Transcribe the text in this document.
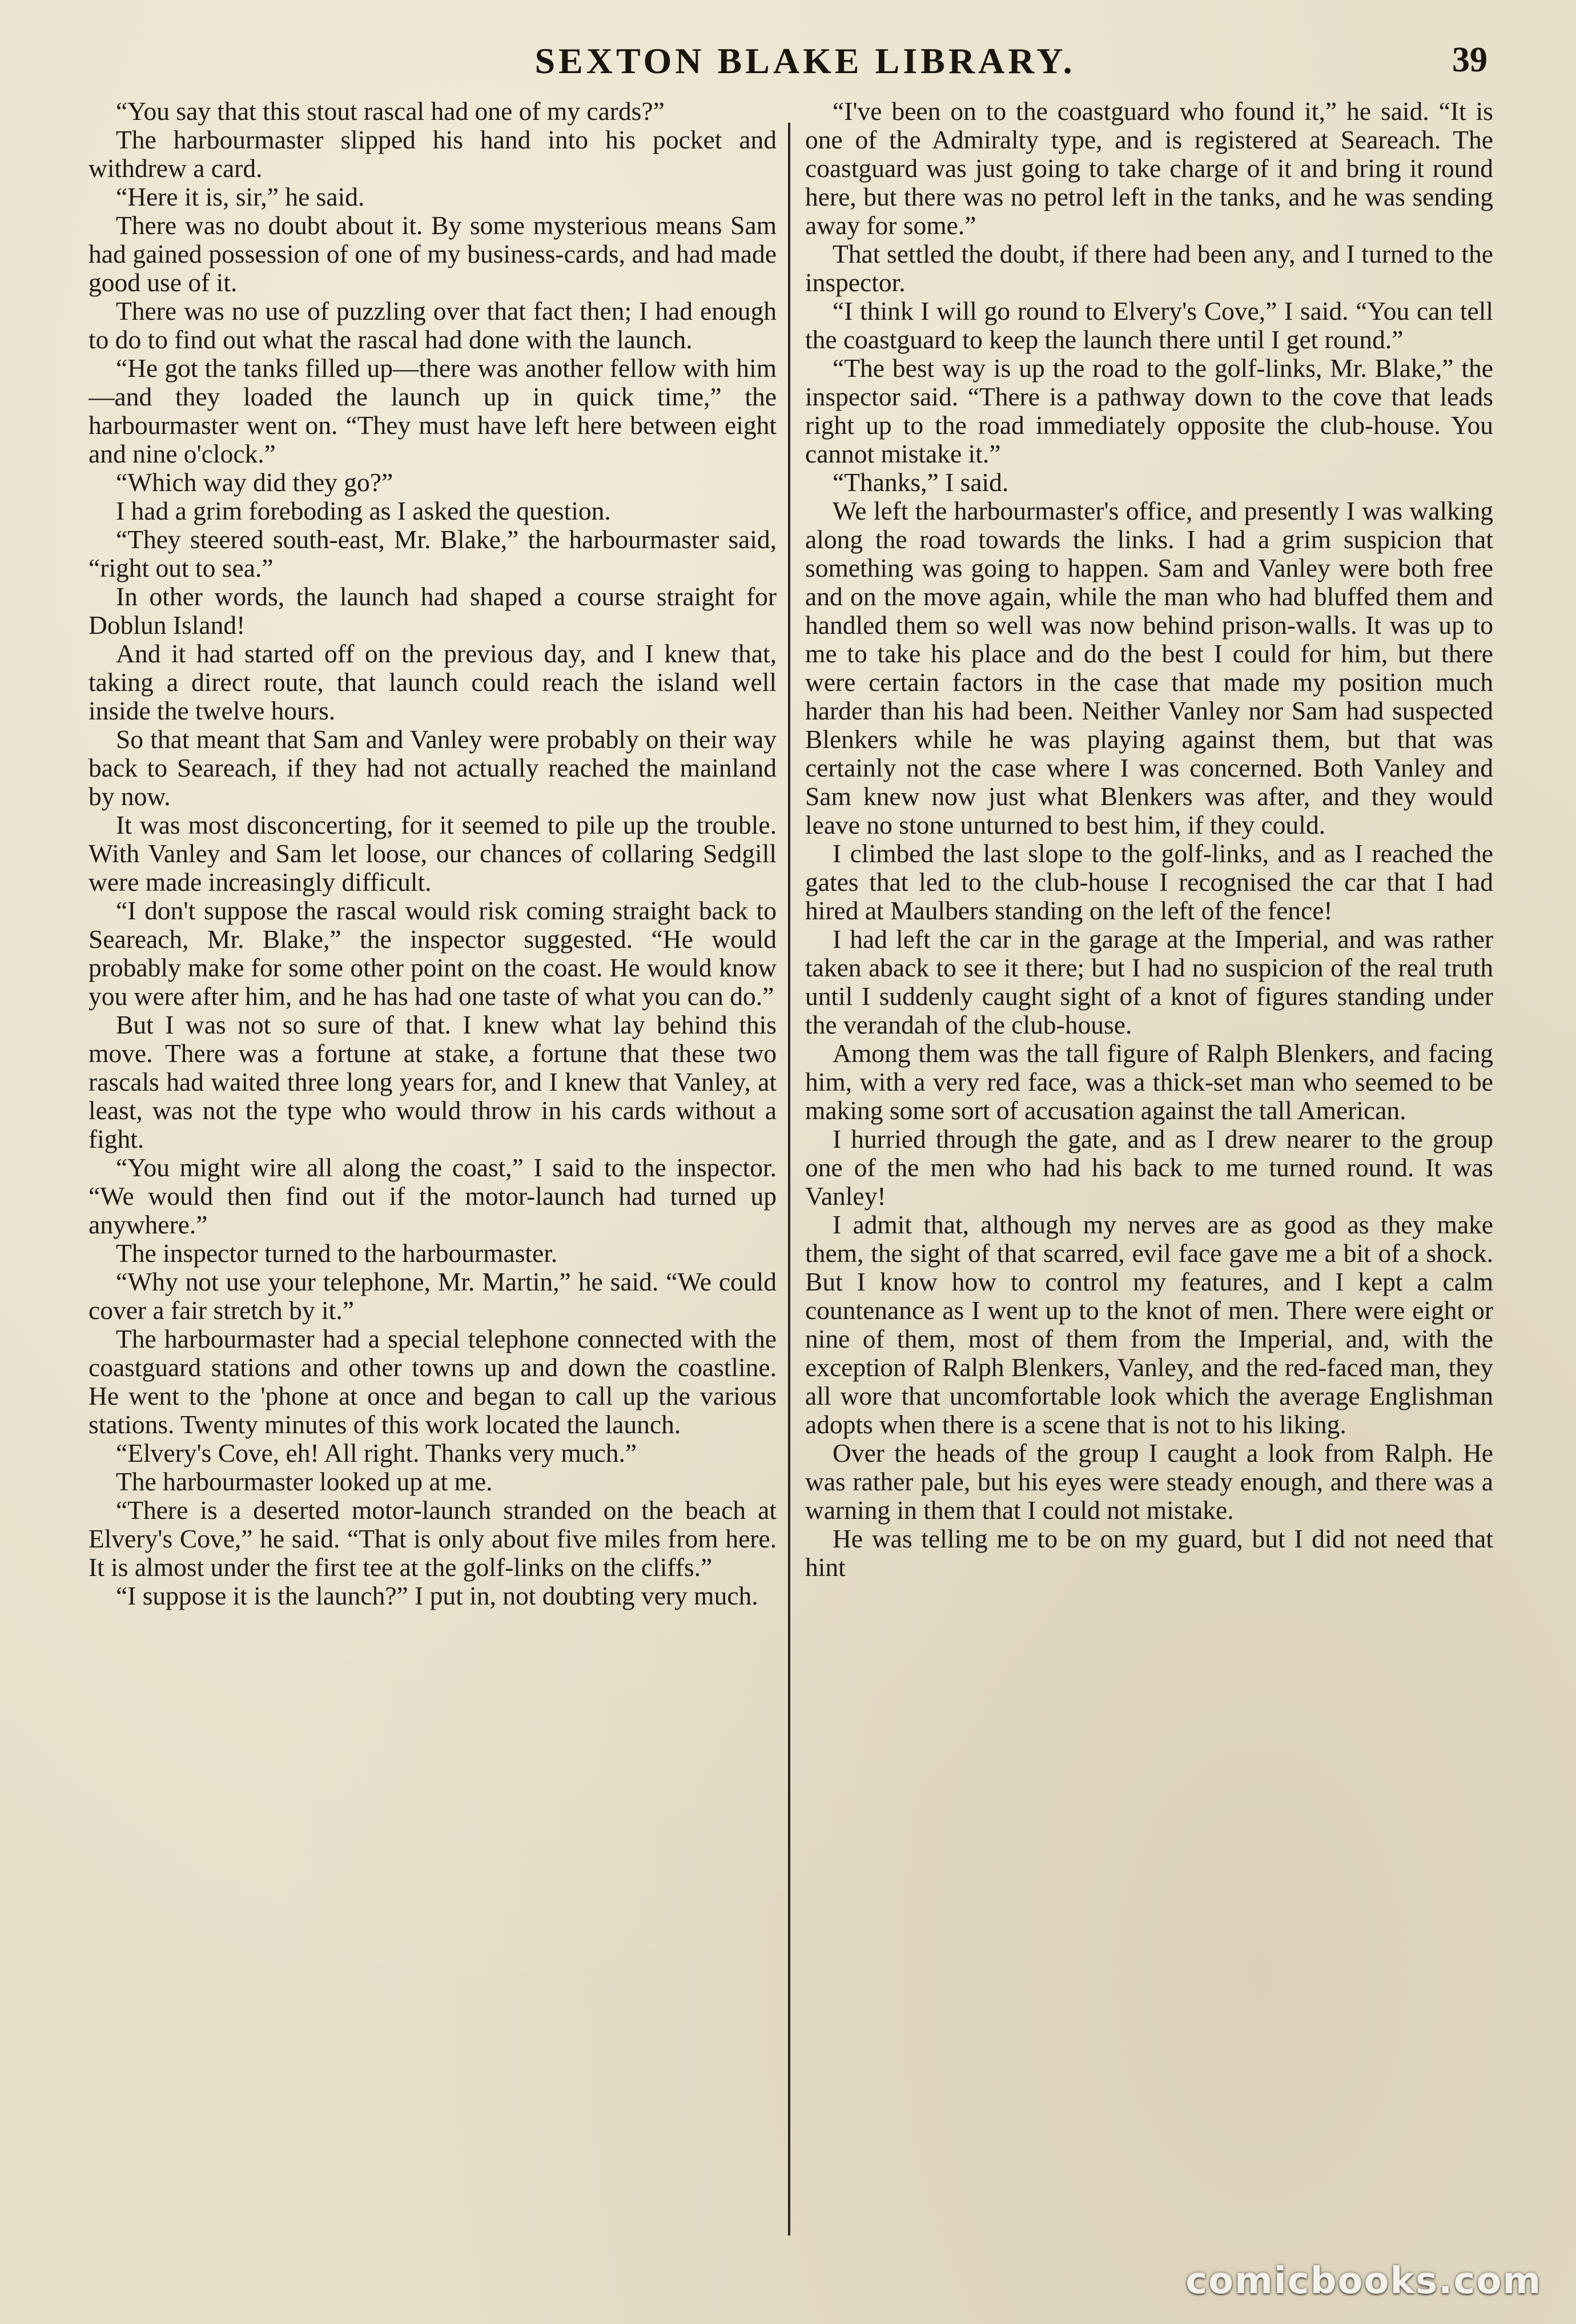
SEXTON BLAKE LIBRARY.	39

“You say that this stout rascal had one of my cards?”

The harbourmaster slipped his hand into his pocket and withdrew a card.

“Here it is, sir,” he said.

There was no doubt about it. By some mysterious means Sam had gained possession of one of my business-cards, and had made good use of it.

There was no use of puzzling over that fact then; I had enough to do to find out what the rascal had done with the launch.

“He got the tanks filled up—there was another fellow with him—and they loaded the launch up in quick time,” the harbourmaster went on. “They must have left here between eight and nine o'clock.”

“Which way did they go?”

I had a grim foreboding as I asked the question.

“They steered south-east, Mr. Blake,” the harbourmaster said, “right out to sea.”

In other words, the launch had shaped a course straight for Doblun Island!

And it had started off on the previous day, and I knew that, taking a direct route, that launch could reach the island well inside the twelve hours.

So that meant that Sam and Vanley were probably on their way back to Seareach, if they had not actually reached the mainland by now.

It was most disconcerting, for it seemed to pile up the trouble. With Vanley and Sam let loose, our chances of collaring Sedgill were made increasingly difficult.

“I don't suppose the rascal would risk coming straight back to Seareach, Mr. Blake,” the inspector suggested. “He would probably make for some other point on the coast. He would know you were after him, and he has had one taste of what you can do.”

But I was not so sure of that. I knew what lay behind this move. There was a fortune at stake, a fortune that these two rascals had waited three long years for, and I knew that Vanley, at least, was not the type who would throw in his cards without a fight.

“You might wire all along the coast,” I said to the inspector. “We would then find out if the motor-launch had turned up anywhere.”

The inspector turned to the harbourmaster.

“Why not use your telephone, Mr. Martin,” he said. “We could cover a fair stretch by it.”

The harbourmaster had a special telephone connected with the coastguard stations and other towns up and down the coastline. He went to the 'phone at once and began to call up the various stations. Twenty minutes of this work located the launch.

“Elvery's Cove, eh! All right. Thanks very much.”

The harbourmaster looked up at me.

“There is a deserted motor-launch stranded on the beach at Elvery's Cove,” he said. “That is only about five miles from here. It is almost under the first tee at the golf-links on the cliffs.”

“I suppose it is the launch?” I put in, not doubting very much.

“I've been on to the coastguard who found it,” he said. “It is one of the Admiralty type, and is registered at Seareach. The coastguard was just going to take charge of it and bring it round here, but there was no petrol left in the tanks, and he was sending away for some.”

That settled the doubt, if there had been any, and I turned to the inspector.

“I think I will go round to Elvery's Cove,” I said. “You can tell the coastguard to keep the launch there until I get round.”

“The best way is up the road to the golf-links, Mr. Blake,” the inspector said. “There is a pathway down to the cove that leads right up to the road immediately opposite the club-house. You cannot mistake it.”

“Thanks,” I said.

We left the harbourmaster's office, and presently I was walking along the road towards the links. I had a grim suspicion that something was going to happen. Sam and Vanley were both free and on the move again, while the man who had bluffed them and handled them so well was now behind prison-walls. It was up to me to take his place and do the best I could for him, but there were certain factors in the case that made my position much harder than his had been. Neither Vanley nor Sam had suspected Blenkers while he was playing against them, but that was certainly not the case where I was concerned. Both Vanley and Sam knew now just what Blenkers was after, and they would leave no stone unturned to best him, if they could.

I climbed the last slope to the golf-links, and as I reached the gates that led to the club-house I recognised the car that I had hired at Maulbers standing on the left of the fence!

I had left the car in the garage at the Imperial, and was rather taken aback to see it there; but I had no suspicion of the real truth until I suddenly caught sight of a knot of figures standing under the verandah of the club-house.

Among them was the tall figure of Ralph Blenkers, and facing him, with a very red face, was a thick-set man who seemed to be making some sort of accusation against the tall American.

I hurried through the gate, and as I drew nearer to the group one of the men who had his back to me turned round. It was Vanley!

I admit that, although my nerves are as good as they make them, the sight of that scarred, evil face gave me a bit of a shock. But I know how to control my features, and I kept a calm countenance as I went up to the knot of men. There were eight or nine of them, most of them from the Imperial, and, with the exception of Ralph Blenkers, Vanley, and the red-faced man, they all wore that uncomfortable look which the average Englishman adopts when there is a scene that is not to his liking.

Over the heads of the group I caught a look from Ralph. He was rather pale, but his eyes were steady enough, and there was a warning in them that I could not mistake.

He was telling me to be on my guard, but I did not need that hint

comicbooks.com
